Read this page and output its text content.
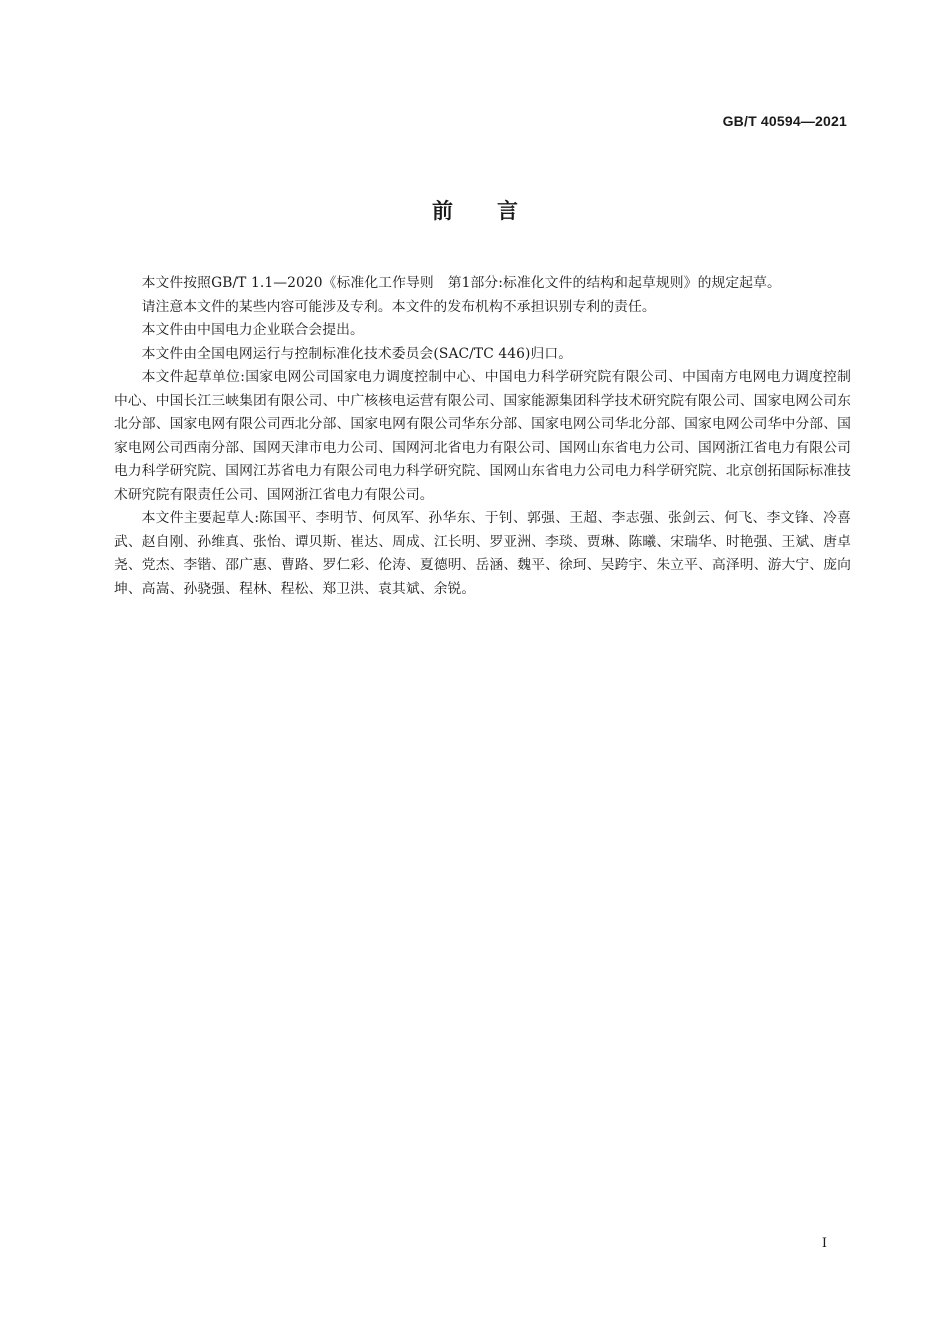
GB/T 40594—2021
前言

本文件按照GB/T 1.1—2020《标准化工作导则　第1部分:标准化文件的结构和起草规则》的规定起草。

请注意本文件的某些内容可能涉及专利。本文件的发布机构不承担识别专利的责任。

本文件由中国电力企业联合会提出。

本文件由全国电网运行与控制标准化技术委员会(SAC/TC 446)归口。

本文件起草单位:国家电网公司国家电力调度控制中心、中国电力科学研究院有限公司、中国南方电网电力调度控制中心、中国长江三峡集团有限公司、中广核核电运营有限公司、国家能源集团科学技术研究院有限公司、国家电网公司东北分部、国家电网有限公司西北分部、国家电网有限公司华东分部、国家电网公司华北分部、国家电网公司华中分部、国家电网公司西南分部、国网天津市电力公司、国网河北省电力有限公司、国网山东省电力公司、国网浙江省电力有限公司电力科学研究院、国网江苏省电力有限公司电力科学研究院、国网山东省电力公司电力科学研究院、北京创拓国际标准技术研究院有限责任公司、国网浙江省电力有限公司。

本文件主要起草人:陈国平、李明节、何凤军、孙华东、于钊、郭强、王超、李志强、张剑云、何飞、李文锋、冷喜武、赵自刚、孙维真、张怡、谭贝斯、崔达、周成、江长明、罗亚洲、李琰、贾琳、陈曦、宋瑞华、时艳强、王斌、唐卓尧、党杰、李锴、邵广惠、曹路、罗仁彩、伦涛、夏德明、岳涵、魏平、徐珂、吴跨宇、朱立平、高泽明、游大宁、庞向坤、高嵩、孙骁强、程林、程松、郑卫洪、袁其斌、余锐。

I
